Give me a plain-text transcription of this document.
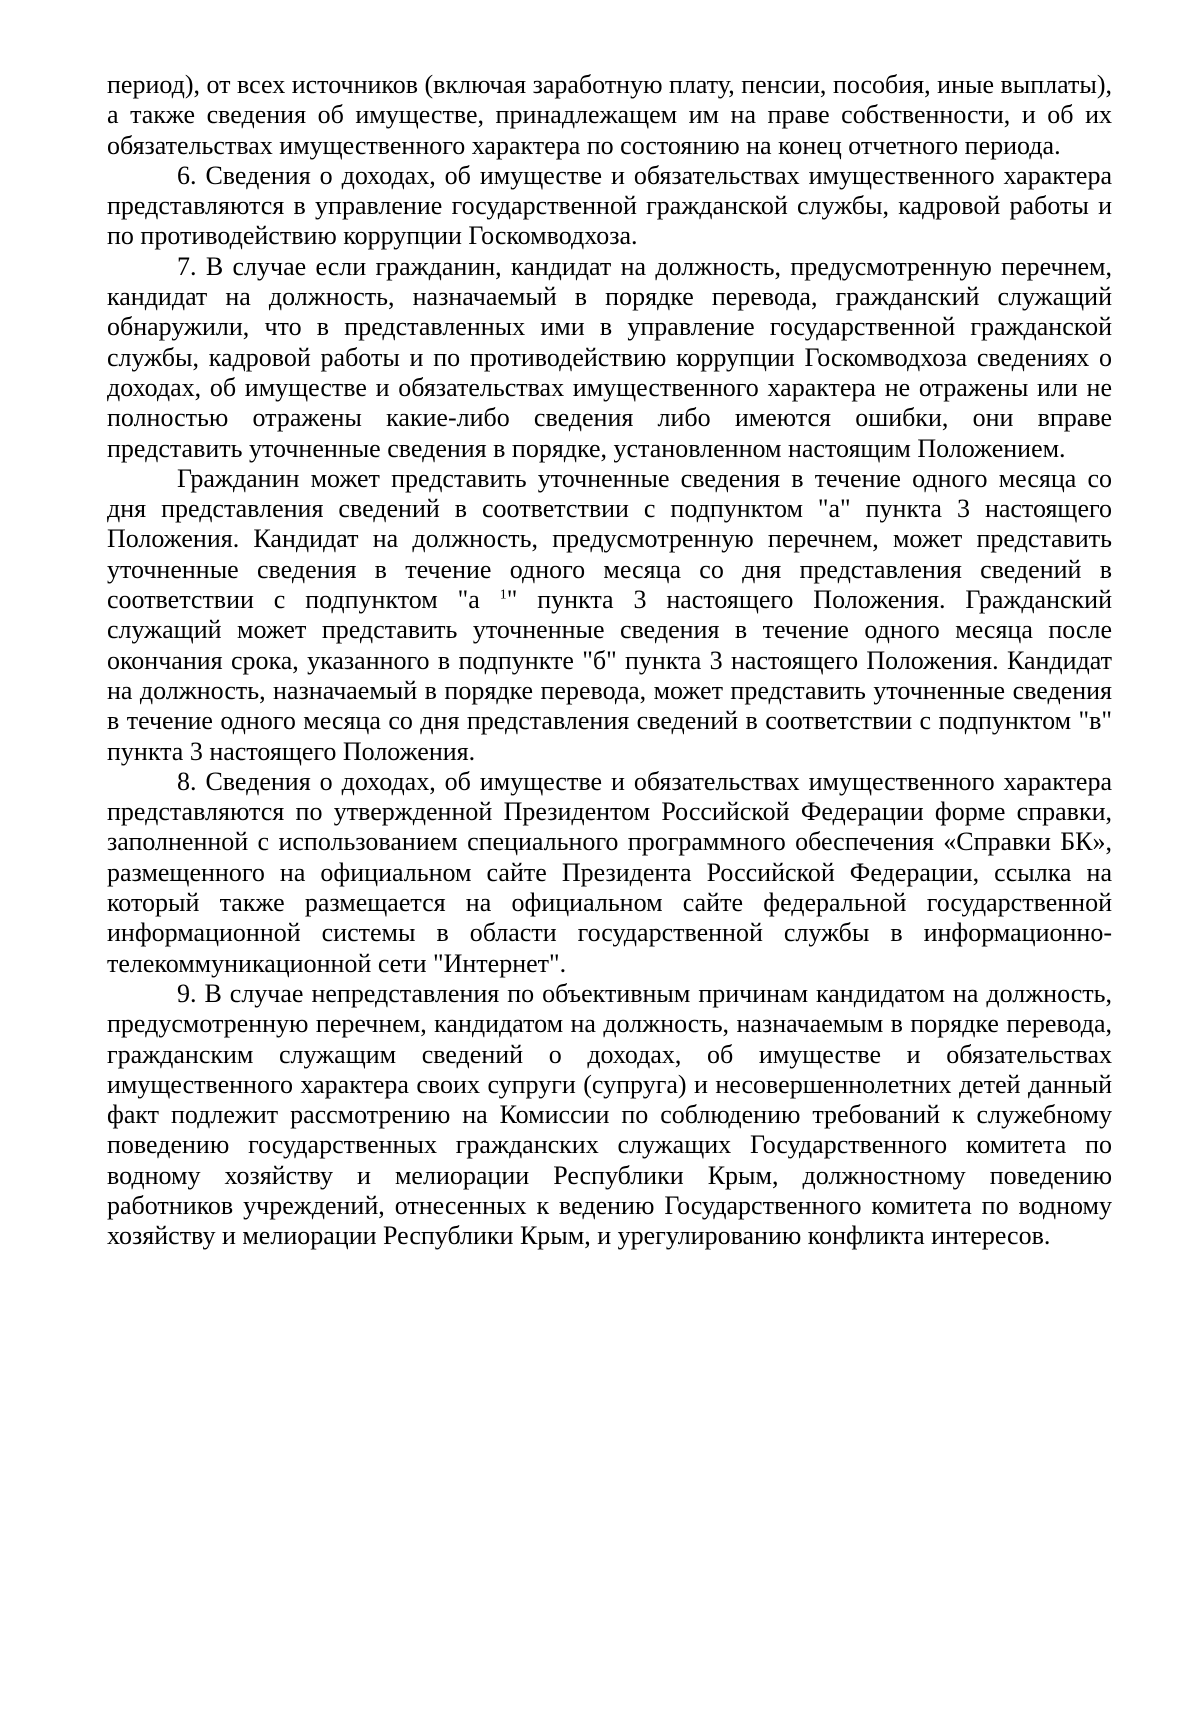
период), от всех источников (включая заработную плату, пенсии, пособия, иные выплаты), а также сведения об имуществе, принадлежащем им на праве собственности, и об их обязательствах имущественного характера по состоянию на конец отчетного периода.

6. Сведения о доходах, об имуществе и обязательствах имущественного характера представляются в управление государственной гражданской службы, кадровой работы и по противодействию коррупции Госкомводхоза.

7. В случае если гражданин, кандидат на должность, предусмотренную перечнем, кандидат на должность, назначаемый в порядке перевода, гражданский служащий обнаружили, что в представленных ими в управление государственной гражданской службы, кадровой работы и по противодействию коррупции Госкомводхоза сведениях о доходах, об имуществе и обязательствах имущественного характера не отражены или не полностью отражены какие-либо сведения либо имеются ошибки, они вправе представить уточненные сведения в порядке, установленном настоящим Положением.

Гражданин может представить уточненные сведения в течение одного месяца со дня представления сведений в соответствии с подпунктом "а" пункта 3 настоящего Положения. Кандидат на должность, предусмотренную перечнем, может представить уточненные сведения в течение одного месяца со дня представления сведений в соответствии с подпунктом "а $^1$" пункта 3 настоящего Положения. Гражданский служащий может представить уточненные сведения в течение одного месяца после окончания срока, указанного в подпункте "б" пункта 3 настоящего Положения. Кандидат на должность, назначаемый в порядке перевода, может представить уточненные сведения в течение одного месяца со дня представления сведений в соответствии с подпунктом "в" пункта 3 настоящего Положения.

8. Сведения о доходах, об имуществе и обязательствах имущественного характера представляются по утвержденной Президентом Российской Федерации форме справки, заполненной с использованием специального программного обеспечения «Справки БК», размещенного на официальном сайте Президента Российской Федерации, ссылка на который также размещается на официальном сайте федеральной государственной информационной системы в области государственной службы в информационно-телекоммуникационной сети "Интернет".

9. В случае непредставления по объективным причинам кандидатом на должность, предусмотренную перечнем, кандидатом на должность, назначаемым в порядке перевода, гражданским служащим сведений о доходах, об имуществе и обязательствах имущественного характера своих супруги (супруга) и несовершеннолетних детей данный факт подлежит рассмотрению на Комиссии по соблюдению требований к служебному поведению государственных гражданских служащих Государственного комитета по водному хозяйству и мелиорации Республики Крым, должностному поведению работников учреждений, отнесенных к ведению Государственного комитета по водному хозяйству и мелиорации Республики Крым, и урегулированию конфликта интересов.
